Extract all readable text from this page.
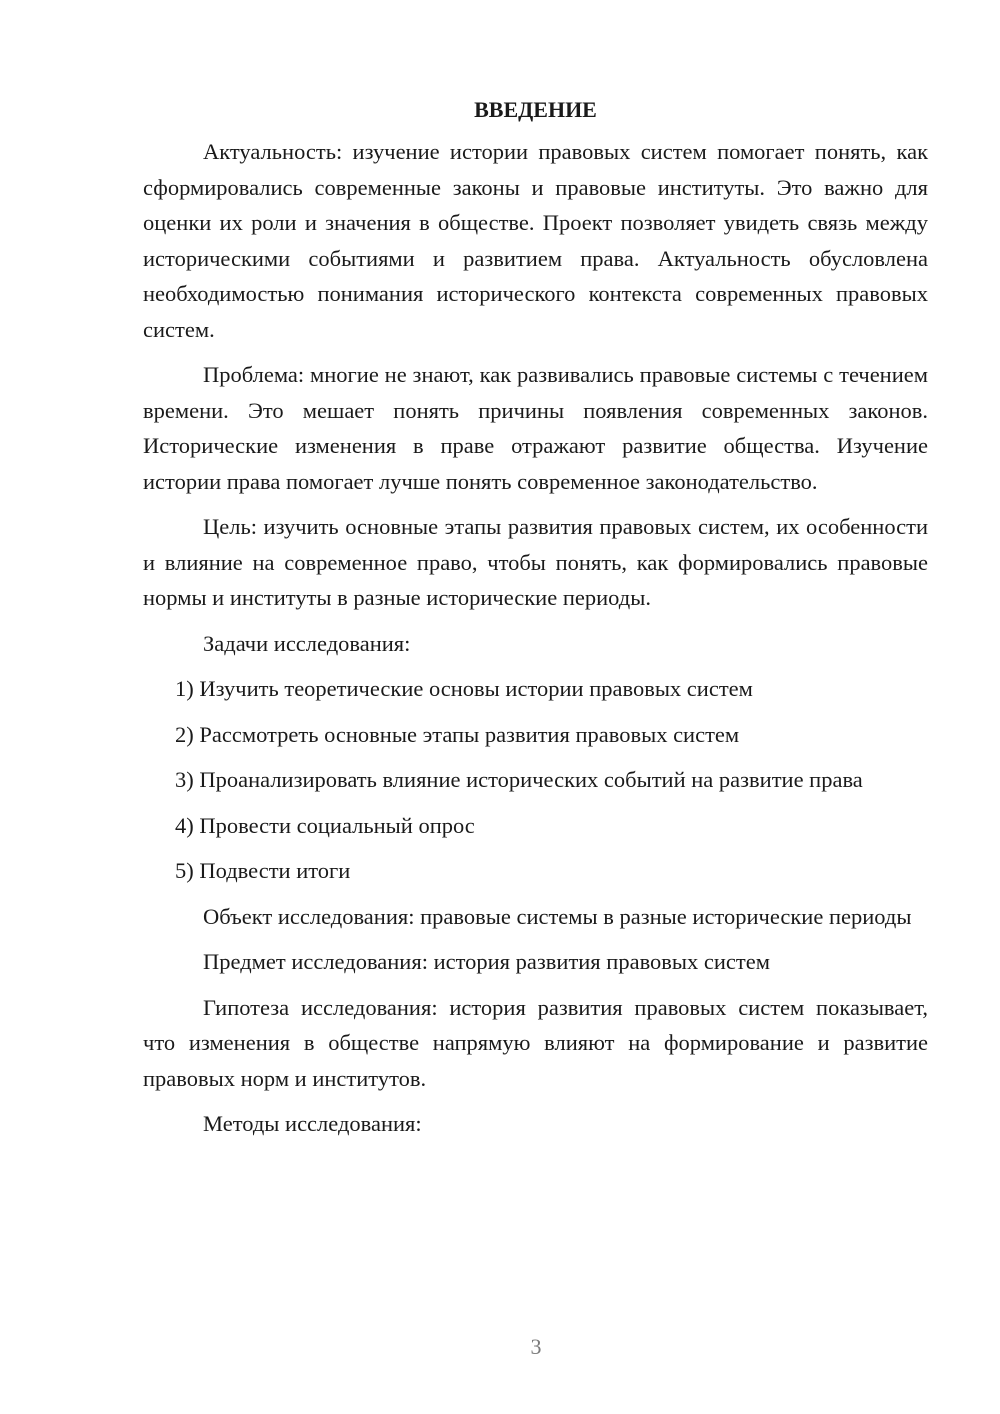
ВВЕДЕНИЕ

Актуальность: изучение истории правовых систем помогает понять, как сформировались современные законы и правовые институты. Это важно для оценки их роли и значения в обществе. Проект позволяет увидеть связь между историческими событиями и развитием права. Актуальность обусловлена необходимостью понимания исторического контекста современных правовых систем.

Проблема: многие не знают, как развивались правовые системы с течением времени. Это мешает понять причины появления современных законов. Исторические изменения в праве отражают развитие общества. Изучение истории права помогает лучше понять современное законодательство.

Цель: изучить основные этапы развития правовых систем, их особенности и влияние на современное право, чтобы понять, как формировались правовые нормы и институты в разные исторические периоды.

Задачи исследования:

1) Изучить теоретические основы истории правовых систем

2) Рассмотреть основные этапы развития правовых систем

3) Проанализировать влияние исторических событий на развитие права

4) Провести социальный опрос

5) Подвести итоги

Объект исследования: правовые системы в разные исторические периоды

Предмет исследования: история развития правовых систем

Гипотеза исследования: история развития правовых систем показывает, что изменения в обществе напрямую влияют на формирование и развитие правовых норм и институтов.

Методы исследования:

3
